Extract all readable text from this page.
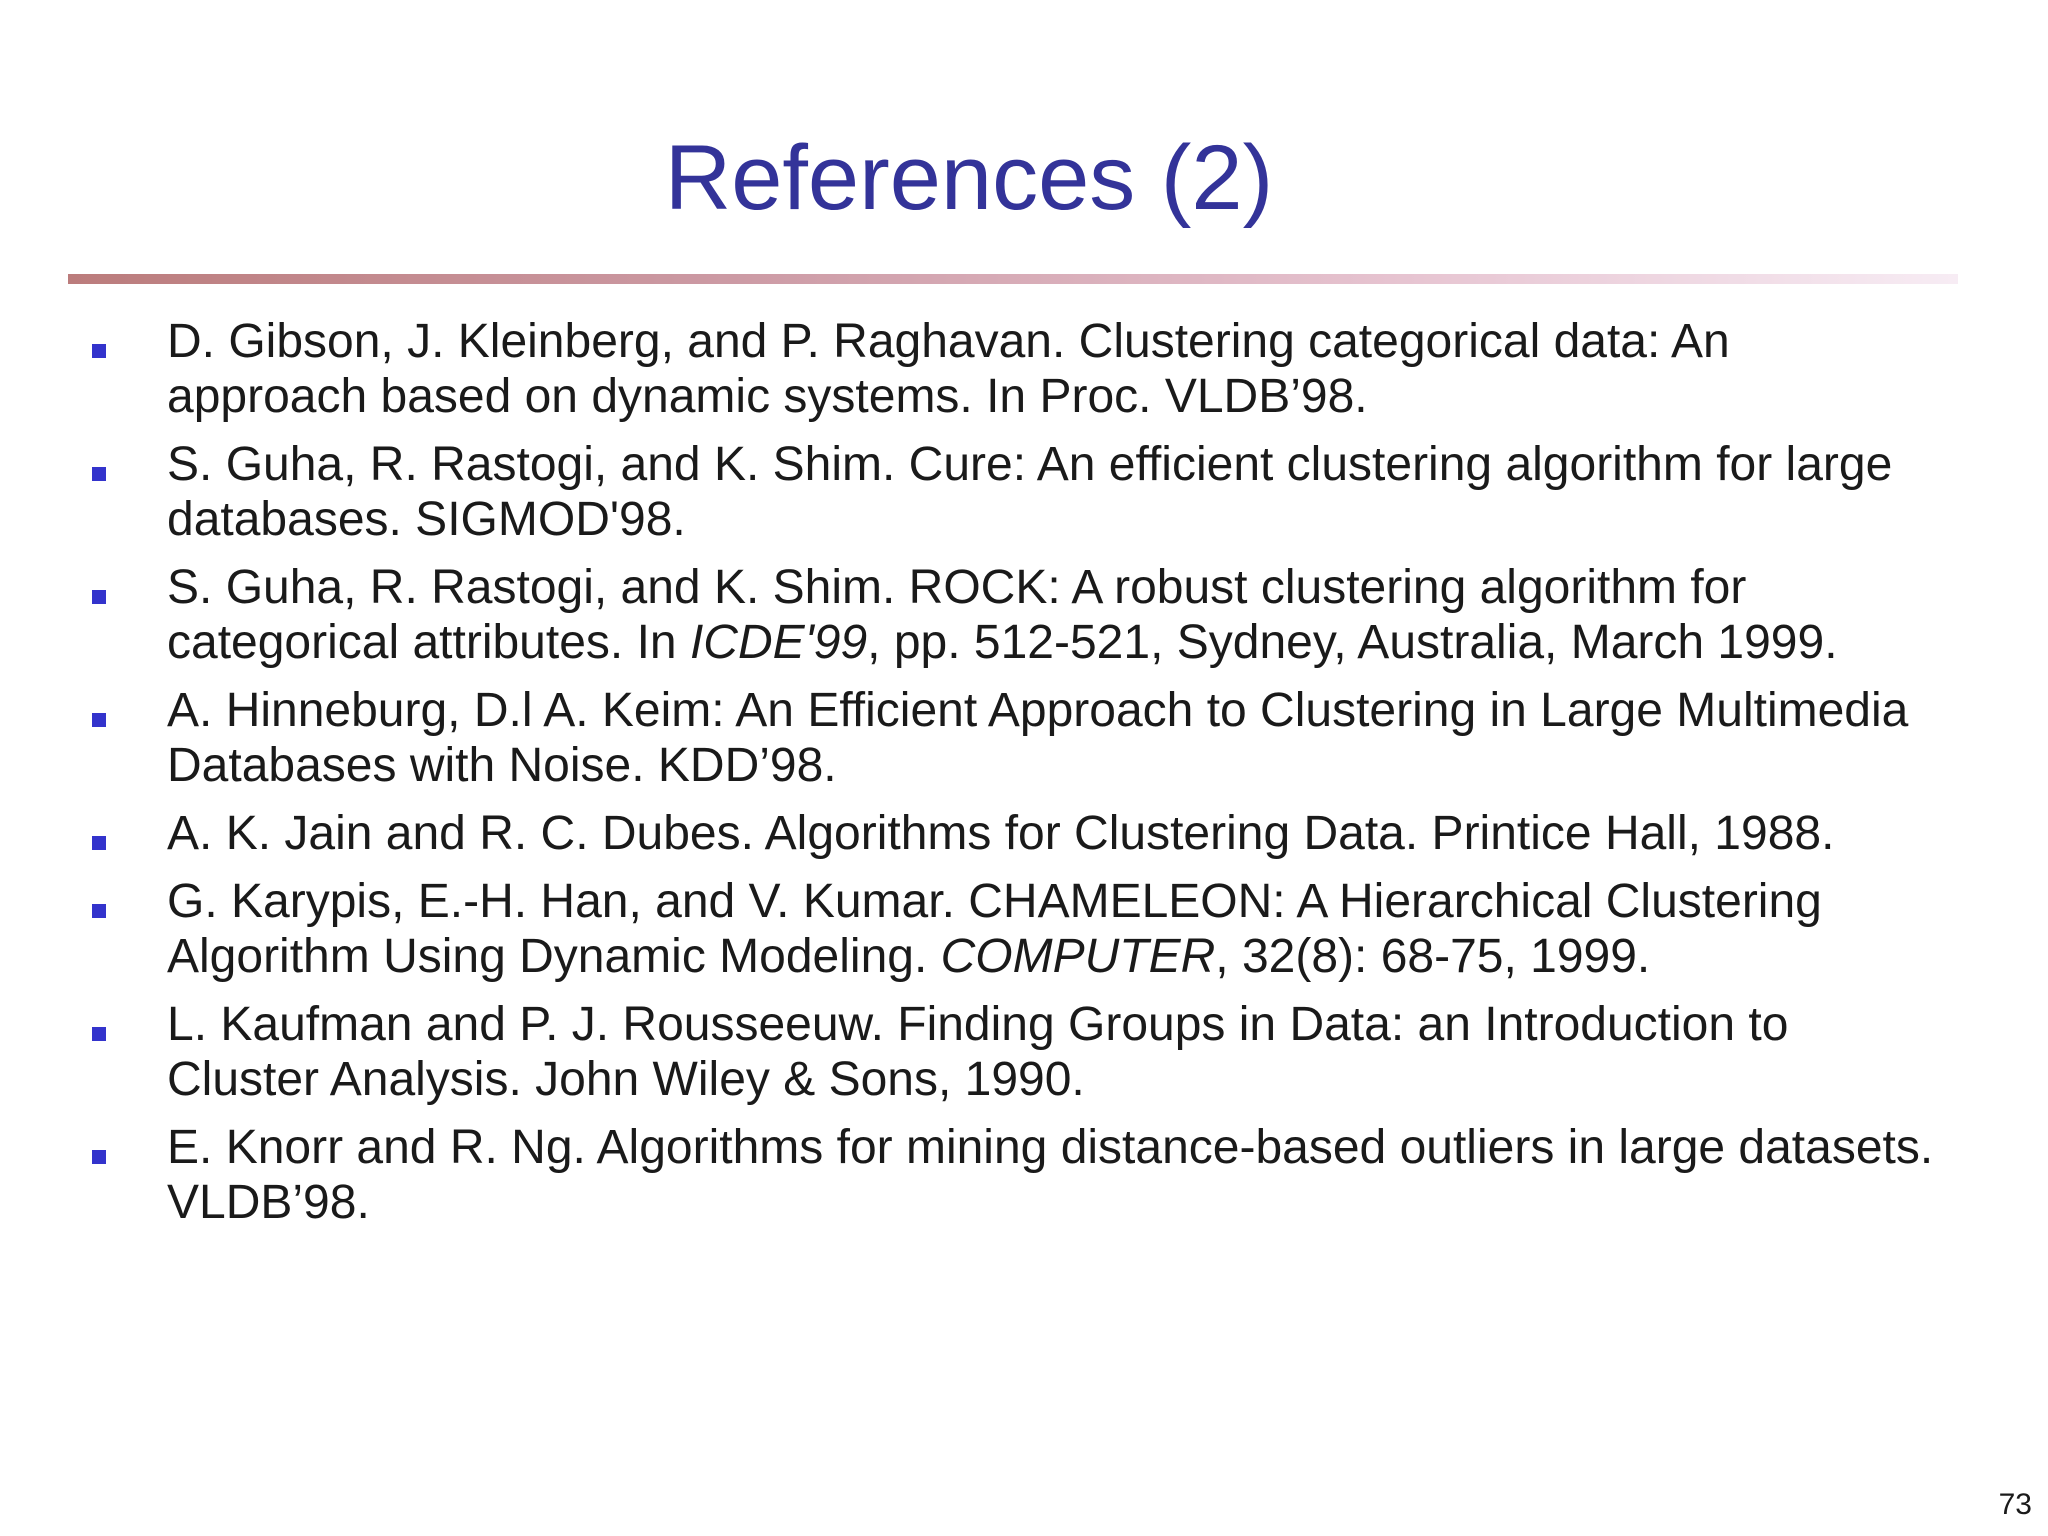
References (2)
D. Gibson, J. Kleinberg, and P. Raghavan. Clustering categorical data: An approach based on dynamic systems. In Proc. VLDB’98.
S. Guha, R. Rastogi, and K. Shim. Cure: An efficient clustering algorithm for large databases. SIGMOD'98.
S. Guha, R. Rastogi, and K. Shim. ROCK: A robust clustering algorithm for categorical attributes. In ICDE'99, pp. 512-521, Sydney, Australia, March 1999.
A. Hinneburg, D.l A. Keim: An Efficient Approach to Clustering in Large Multimedia Databases with Noise. KDD’98.
A. K. Jain and R. C. Dubes. Algorithms for Clustering Data. Printice Hall, 1988.
G. Karypis, E.-H. Han, and V. Kumar. CHAMELEON: A Hierarchical Clustering Algorithm Using Dynamic Modeling. COMPUTER, 32(8): 68-75, 1999.
L. Kaufman and P. J. Rousseeuw. Finding Groups in Data: an Introduction to Cluster Analysis. John Wiley & Sons, 1990.
E. Knorr and R. Ng. Algorithms for mining distance-based outliers in large datasets. VLDB’98.
73
